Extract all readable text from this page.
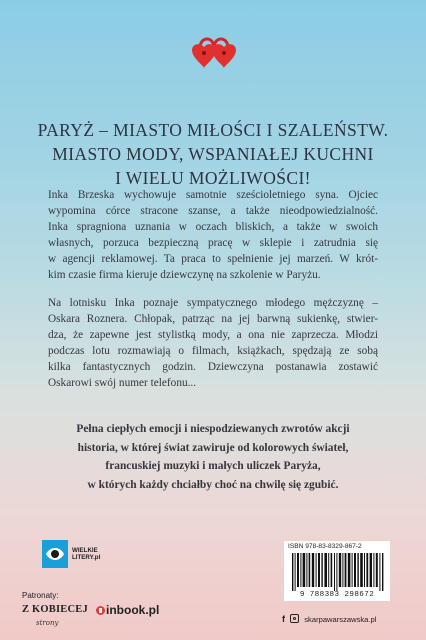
PARYŻ – MIASTO MIŁOŚCI I SZALEŃSTW.
MIASTO MODY, WSPANIAŁEJ KUCHNI
I WIELU MOŻLIWOŚCI!
Inka Brzeska wychowuje samotnie sześcioletniego syna. Ojciec
wypomina córce stracone szanse, a także nieodpowiedzialność.
Inka spragniona uznania w oczach bliskich, a także w swoich
własnych, porzuca bezpieczną pracę w sklepie i zatrudnia się
w agencji reklamowej. Ta praca to spełnienie jej marzeń. W krót-
kim czasie firma kieruje dziewczynę na szkolenie w Paryżu.
Na lotnisku Inka poznaje sympatycznego młodego mężczyznę –
Oskara Roznera. Chłopak, patrząc na jej barwną sukienkę, stwier-
dza, że zapewne jest stylistką mody, a ona nie zaprzecza. Młodzi
podczas lotu rozmawiają o filmach, książkach, spędzają ze sobą
kilka fantastycznych godzin. Dziewczyna postanawia zostawić
Oskarowi swój numer telefonu...
Pełna ciepłych emocji i niespodziewanych zwrotów akcji
historia, w której świat zawiruje od kolorowych świateł,
francuskiej muzyki i małych uliczek Paryża,
w których każdy chciałby choć na chwilę się zgubić.
WIELKIE
LITERY.pl
ISBN 978-83-8329-867-2
9 788383 298672
Patronaty:
Z KOBIECEJ
strony
inbook.pl
f	skarpawarszawska.pl
